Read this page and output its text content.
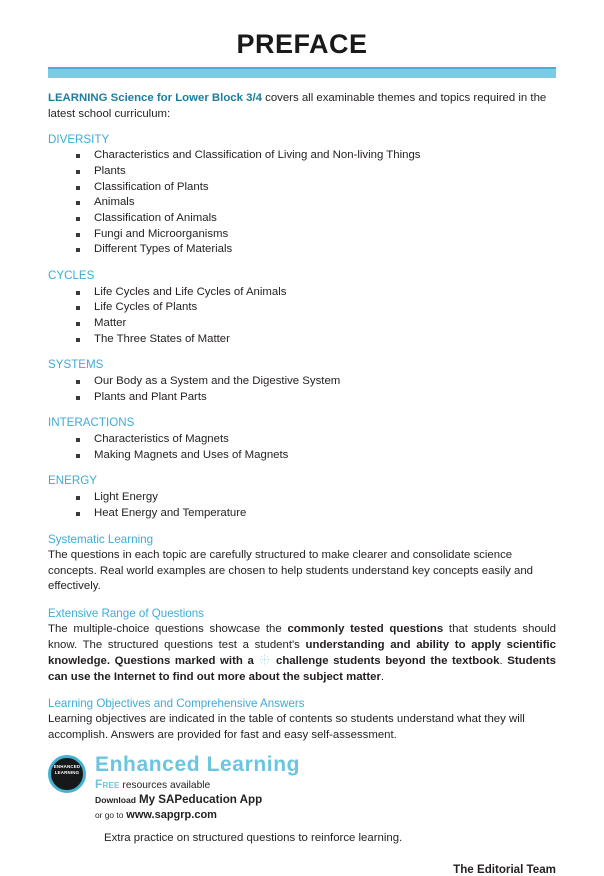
PREFACE

LEARNING Science for Lower Block 3/4 covers all examinable themes and topics required in the latest school curriculum:

DIVERSITY
Characteristics and Classification of Living and Non-living Things
Plants
Classification of Plants
Animals
Classification of Animals
Fungi and Microorganisms
Different Types of Materials
CYCLES
Life Cycles and Life Cycles of Animals
Life Cycles of Plants
Matter
The Three States of Matter
SYSTEMS
Our Body as a System and the Digestive System
Plants and Plant Parts
INTERACTIONS
Characteristics of Magnets
Making Magnets and Uses of Magnets
ENERGY
Light Energy
Heat Energy and Temperature
Systematic Learning

The questions in each topic are carefully structured to make clearer and consolidate science concepts. Real world examples are chosen to help students understand key concepts easily and effectively.

Extensive Range of Questions

The multiple-choice questions showcase the commonly tested questions that students should know. The structured questions test a student's understanding and ability to apply scientific knowledge. Questions marked with a challenge students beyond the textbook. Students can use the Internet to find out more about the subject matter.

Learning Objectives and Comprehensive Answers

Learning objectives are indicated in the table of contents so students understand what they will accomplish. Answers are provided for fast and easy self-assessment.

ENHANCED LEARNING Enhanced Learning
Free resources available
Download My SAPeducation App
or go to www.sapgrp.com
Extra practice on structured questions to reinforce learning.
The Editorial Team
